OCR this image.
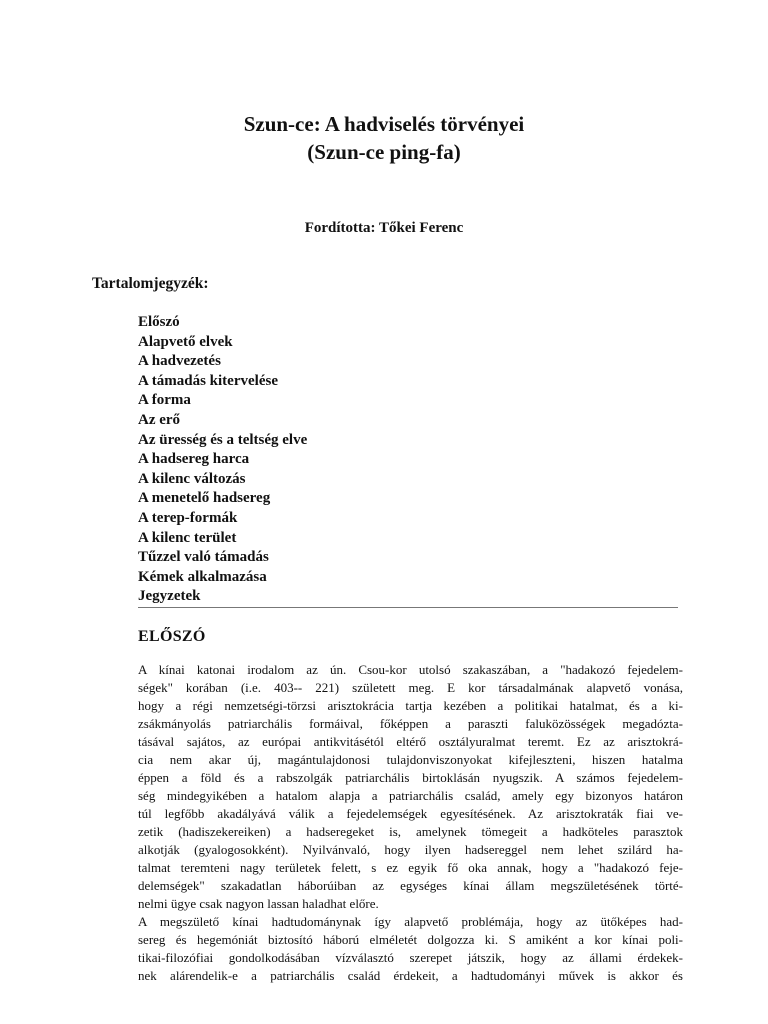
Szun-ce: A hadviselés törvényei
(Szun-ce ping-fa)

Fordította: Tőkei Ferenc

Tartalomjegyzék:

Előszó
Alapvető elvek
A hadvezetés
A támadás kitervelése
A forma
Az erő
Az üresség és a teltség elve
A hadsereg harca
A kilenc változás
A menetelő hadsereg
A terep-formák
A kilenc terület
Tűzzel való támadás
Kémek alkalmazása
Jegyzetek
ELŐSZÓ
A kínai katonai irodalom az ún. Csou-kor utolsó szakaszában, a "hadakozó fejedelem-
ségek" korában (i.e. 403-- 221) született meg. E kor társadalmának alapvető vonása,
hogy a régi nemzetségi-törzsi arisztokrácia tartja kezében a politikai hatalmat, és a ki-
zsákmányolás patriarchális formáival, főképpen a paraszti faluközösségek megadózta-
tásával sajátos, az európai antikvitásétól eltérő osztályuralmat teremt. Ez az arisztokrá-
cia nem akar új, magántulajdonosi tulajdonviszonyokat kifejleszteni, hiszen hatalma
éppen a föld és a rabszolgák patriarchális birtoklásán nyugszik. A számos fejedelem-
ség mindegyikében a hatalom alapja a patriarchális család, amely egy bizonyos határon
túl legfőbb akadályává válik a fejedelemségek egyesítésének. Az arisztokraták fiai ve-
zetik (hadiszekereiken) a hadseregeket is, amelynek tömegeit a hadköteles parasztok
alkotják (gyalogosokként). Nyilvánvaló, hogy ilyen hadsereggel nem lehet szilárd ha-
talmat teremteni nagy területek felett, s ez egyik fő oka annak, hogy a "hadakozó feje-
delemségek" szakadatlan háborúiban az egységes kínai állam megszületésének törté-
nelmi ügye csak nagyon lassan haladhat előre.
A megszülető kínai hadtudománynak így alapvető problémája, hogy az ütőképes had-
sereg és hegemóniát biztosító háború elméletét dolgozza ki. S amiként a kor kínai poli-
tikai-filozófiai gondolkodásában vízválasztó szerepet játszik, hogy az állami érdekek-
nek alárendelik-e a patriarchális család érdekeit, a hadtudományi művek is akkor és
